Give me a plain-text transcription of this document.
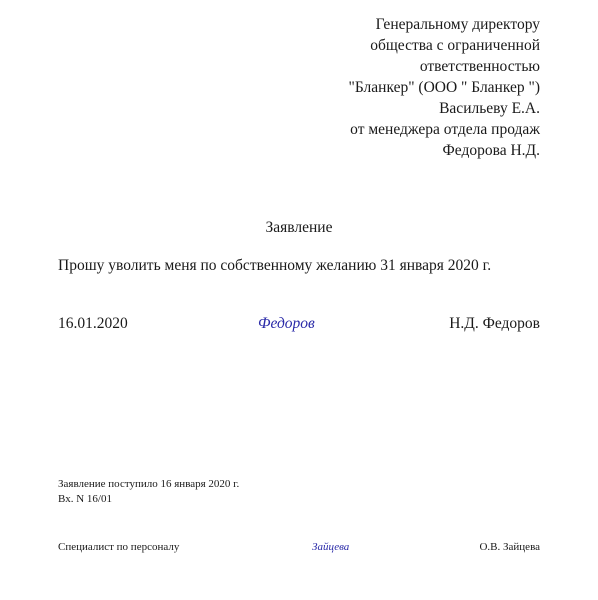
Генеральному директору
общества с ограниченной
ответственностью
"Бланкер" (ООО " Бланкер ")
Васильеву Е.А.
от менеджера отдела продаж
Федорова Н.Д.
Заявление
Прошу уволить меня по собственному желанию 31 января 2020 г.
16.01.2020	Федоров	Н.Д. Федоров
Заявление поступило 16 января 2020 г.
Вх. N 16/01
Специалист по персоналу	Зайцева	О.В. Зайцева
